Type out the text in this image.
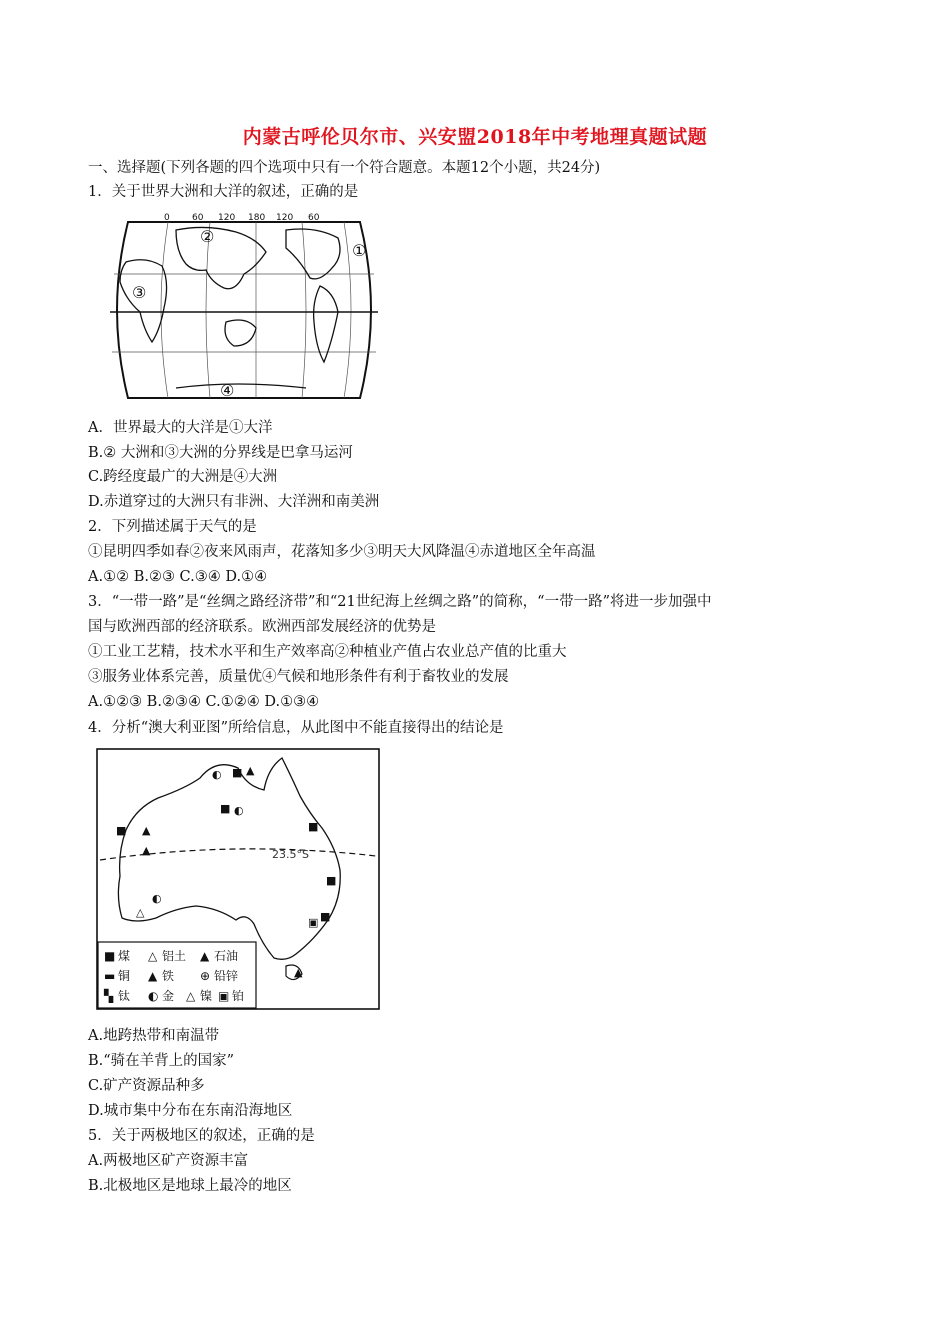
内蒙古呼伦贝尔市、兴安盟2018年中考地理真题试题
一、选择题(下列各题的四个选项中只有一个符合题意。本题12个小题，共24分)
1．关于世界大洲和大洋的叙述，正确的是
0 60 120 180 120 60
①
②
③
④
A．世界最大的大洋是①大洋
B.② 大洲和③大洲的分界线是巴拿马运河
C.跨经度最广的大洲是④大洲
D.赤道穿过的大洲只有非洲、大洋洲和南美洲
2．下列描述属于天气的是
①昆明四季如春②夜来风雨声，花落知多少③明天大风降温④赤道地区全年高温
A.①② B.②③ C.③④ D.①④
3．“一带一路”是“丝绸之路经济带”和“21世纪海上丝绸之路”的简称，“一带一路”将进一步加强中
国与欧洲西部的经济联系。欧洲西部发展经济的优势是
①工业工艺精，技术水平和生产效率高②种植业产值占农业总产值的比重大
③服务业体系完善，质量优④气候和地形条件有利于畜牧业的发展
A.①②③ B.②③④ C.①②④ D.①③④
4．分析“澳大利亚图”所给信息，从此图中不能直接得出的结论是
23.5°S
◐ ■ ▲
■ ◐
■ ▲
▲
■
■
◐
△	■
▣
▲
■ 煤 △ 铝土 ▲ 石油
▬ 铜 ▲ 铁 ⊕ 铅锌
▚ 钛 ◐ 金 △ 镍 ▣ 铂
A.地跨热带和南温带
B.“骑在羊背上的国家”
C.矿产资源品种多
D.城市集中分布在东南沿海地区
5．关于两极地区的叙述，正确的是
A.两极地区矿产资源丰富
B.北极地区是地球上最冷的地区
